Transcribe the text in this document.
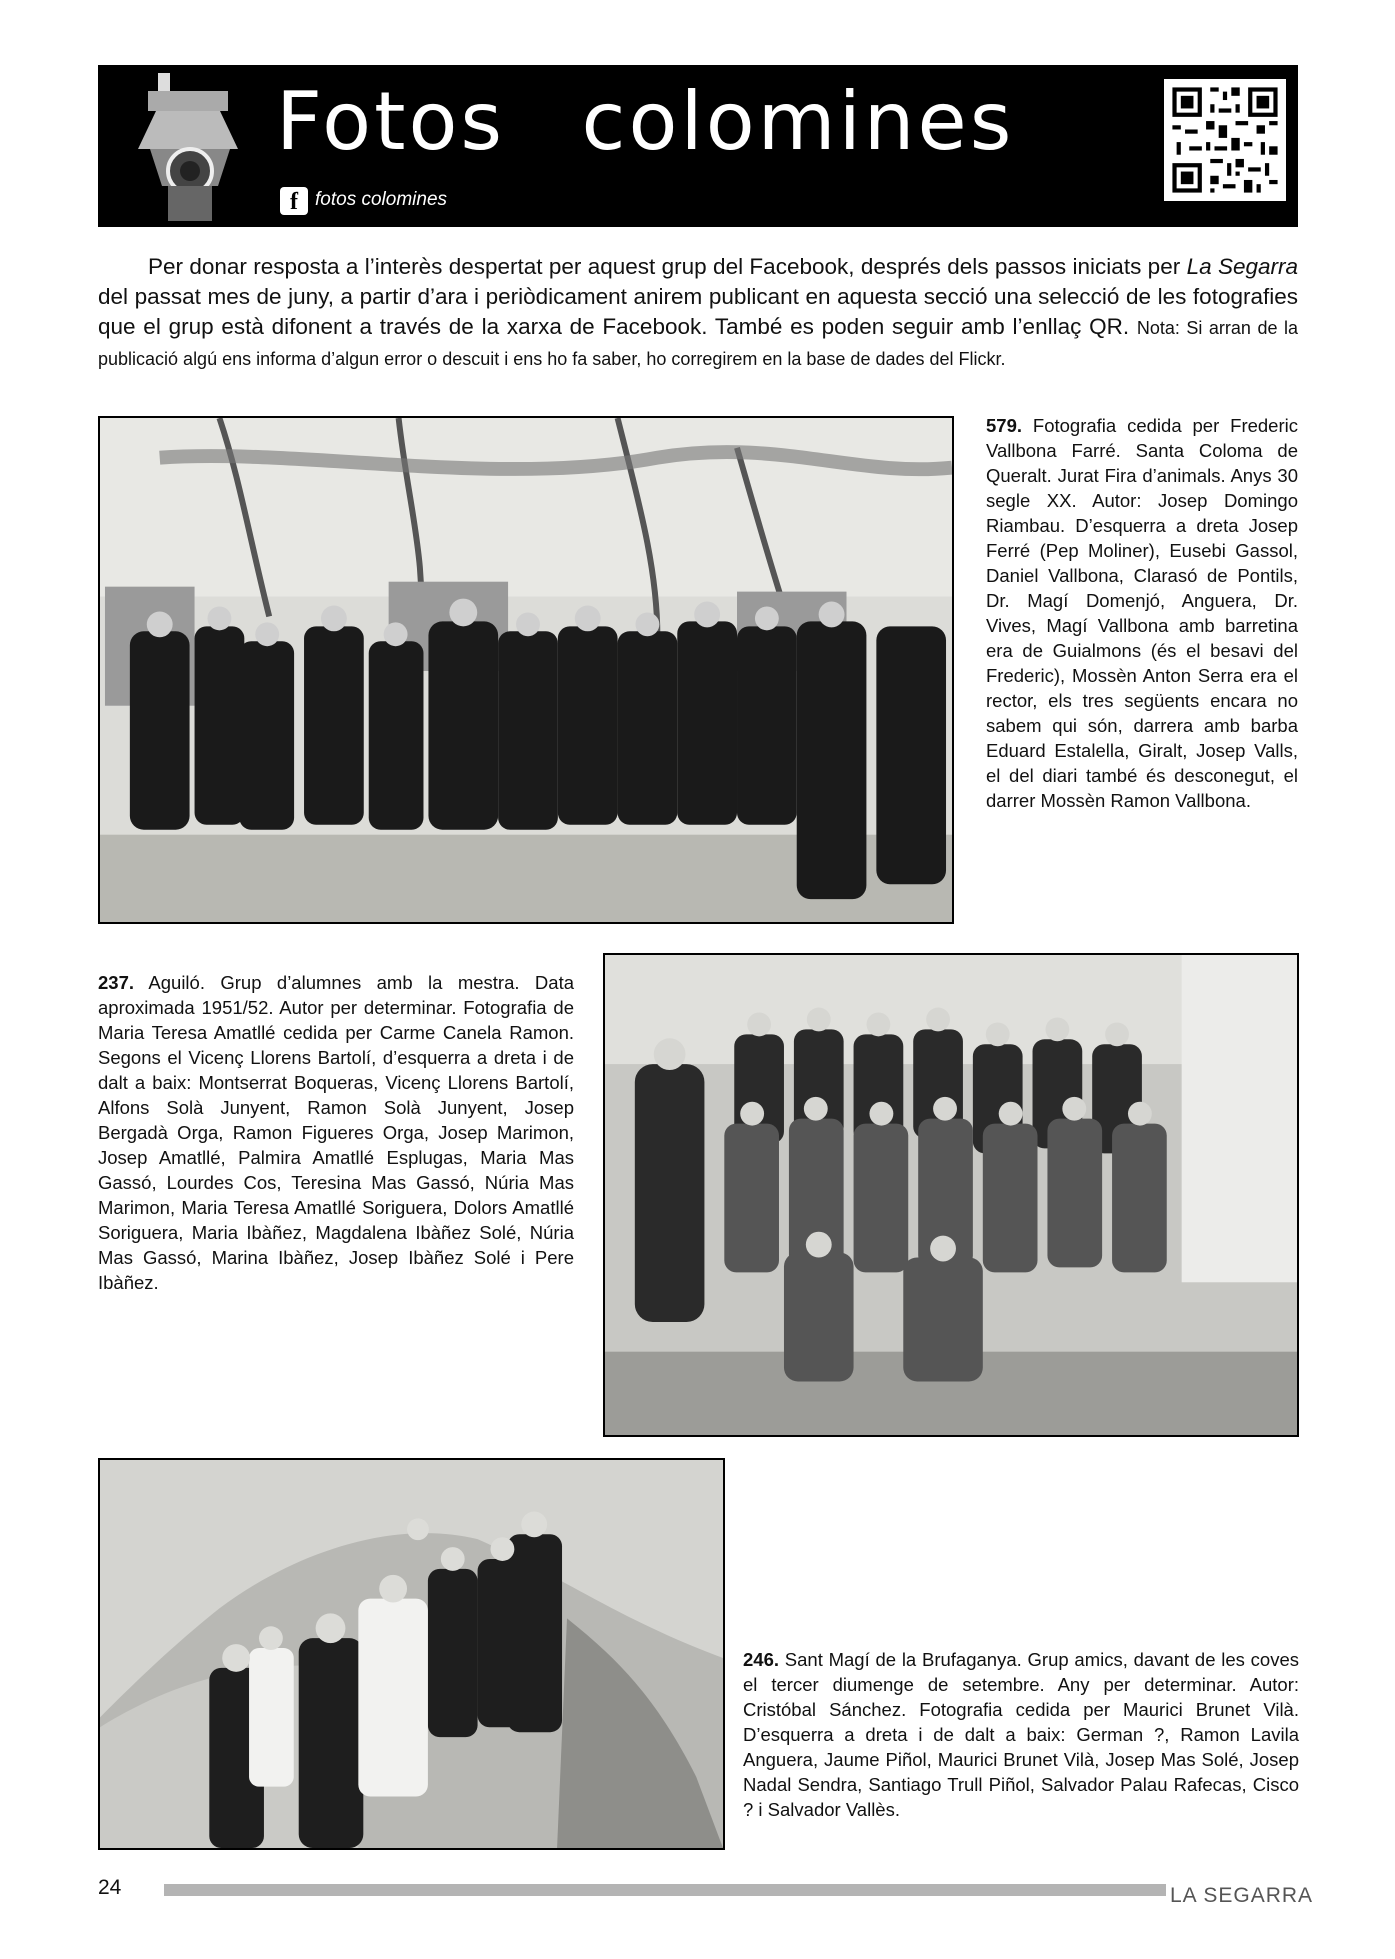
Fotos colomines
f fotos colomines
Per donar resposta a l’interès despertat per aquest grup del Facebook, després dels passos iniciats per La Segarra del passat mes de juny, a partir d’ara i periòdicament anirem publicant en aquesta secció una selecció de les fotografies que el grup està difonent a través de la xarxa de Facebook. També es poden seguir amb l’enllaç QR. Nota: Si arran de la publicació algú ens informa d’algun error o descuit i ens ho fa saber, ho corregirem en la base de dades del Flickr.
579. Fotografia cedida per Frederic Vallbona Farré. Santa Coloma de Queralt. Jurat Fira d’animals. Anys 30 segle XX. Autor: Josep Domingo Riambau. D’esquerra a dreta Josep Ferré (Pep Moliner), Eusebi Gassol, Daniel Vallbona, Clarasó de Pontils, Dr. Magí Domenjó, Anguera, Dr. Vives, Magí Vallbona amb barretina era de Guialmons (és el besavi del Frederic), Mossèn Anton Serra era el rector, els tres següents encara no sabem qui són, darrera amb barba Eduard Estalella, Giralt, Josep Valls, el del diari també és desconegut, el darrer Mossèn Ramon Vallbona.
237. Aguiló. Grup d’alumnes amb la mestra. Data aproximada 1951/52. Autor per determinar. Fotografia de Maria Teresa Amatllé cedida per Carme Canela Ramon. Segons el Vicenç Llorens Bartolí, d’esquerra a dreta i de dalt a baix: Montserrat Boqueras, Vicenç Llorens Bartolí, Alfons Solà Junyent, Ramon Solà Junyent, Josep Bergadà Orga, Ramon Figueres Orga, Josep Marimon, Josep Amatllé, Palmira Amatllé Esplugas, Maria Mas Gassó, Lourdes Cos, Teresina Mas Gassó, Núria Mas Marimon, Maria Teresa Amatllé Soriguera, Dolors Amatllé Soriguera, Maria Ibàñez, Magdalena Ibàñez Solé, Núria Mas Gassó, Marina Ibàñez, Josep Ibàñez Solé i Pere Ibàñez.
246. Sant Magí de la Brufaganya. Grup amics, davant de les coves el tercer diumenge de setembre. Any per determinar. Autor: Cristóbal Sánchez. Fotografia cedida per Maurici Brunet Vilà. D’esquerra a dreta i de dalt a baix: German ?, Ramon Lavila Anguera, Jaume Piñol, Maurici Brunet Vilà, Josep Mas Solé, Josep Nadal Sendra, Santiago Trull Piñol, Salvador Palau Rafecas, Cisco ? i Salvador Vallès.
24	LA SEGARRA
